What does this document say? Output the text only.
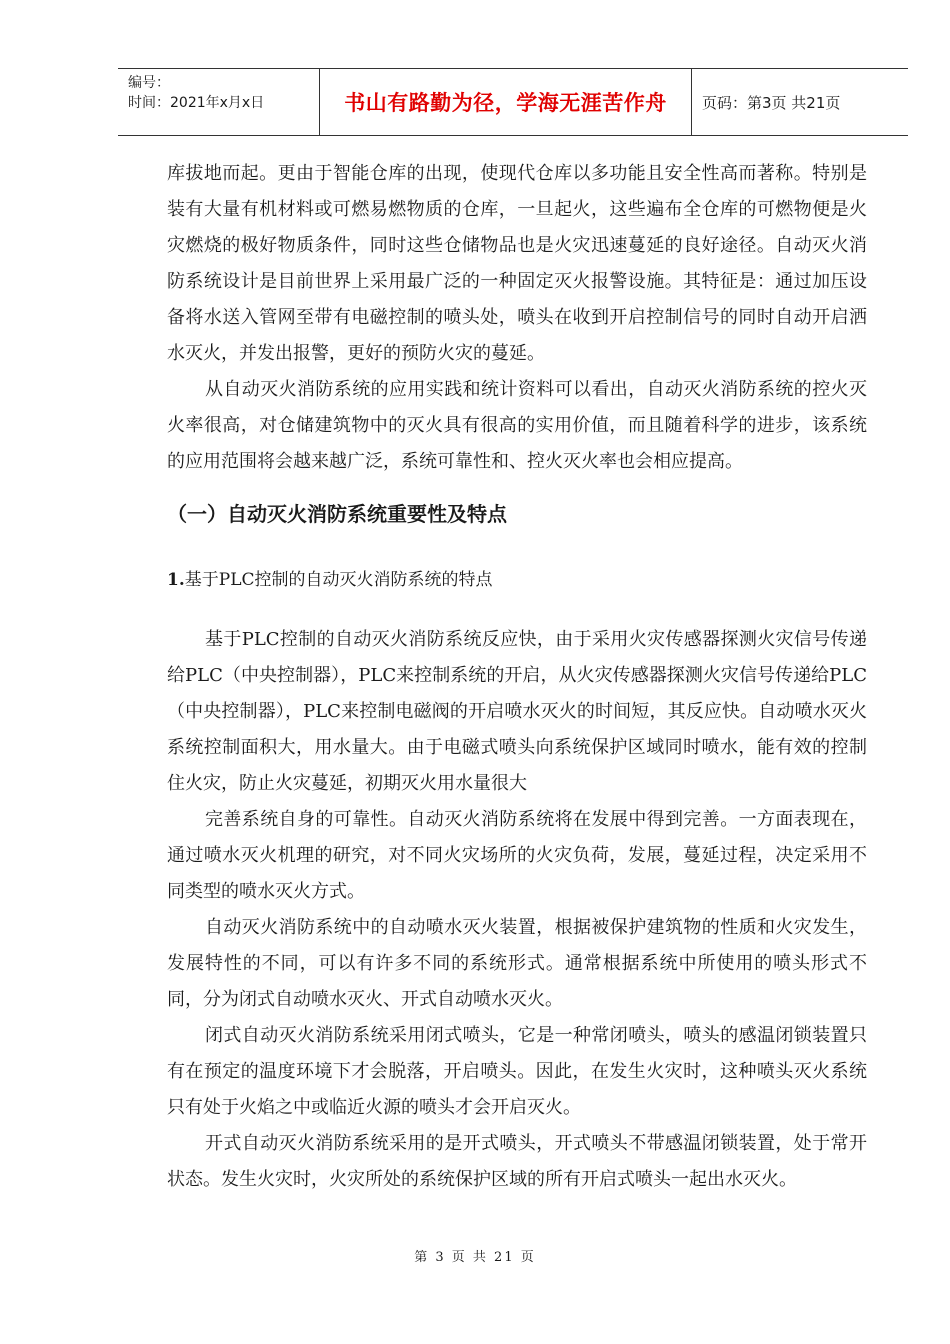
编号：
时间：2021年x月x日	书山有路勤为径，学海无涯苦作舟	页码：第3页 共21页

库拔地而起。更由于智能仓库的出现，使现代仓库以多功能且安全性高而著称。特别是装有大量有机材料或可燃易燃物质的仓库，一旦起火，这些遍布全仓库的可燃物便是火灾燃烧的极好物质条件，同时这些仓储物品也是火灾迅速蔓延的良好途径。自动灭火消防系统设计是目前世界上采用最广泛的一种固定灭火报警设施。其特征是：通过加压设备将水送入管网至带有电磁控制的喷头处，喷头在收到开启控制信号的同时自动开启洒水灭火，并发出报警，更好的预防火灾的蔓延。

从自动灭火消防系统的应用实践和统计资料可以看出，自动灭火消防系统的控火灭火率很高，对仓储建筑物中的灭火具有很高的实用价值，而且随着科学的进步，该系统的应用范围将会越来越广泛，系统可靠性和、控火灭火率也会相应提高。

（一）自动灭火消防系统重要性及特点
1.基于PLC控制的自动灭火消防系统的特点

基于PLC控制的自动灭火消防系统反应快，由于采用火灾传感器探测火灾信号传递给PLC（中央控制器），PLC来控制系统的开启，从火灾传感器探测火灾信号传递给PLC（中央控制器），PLC来控制电磁阀的开启喷水灭火的时间短，其反应快。自动喷水灭火系统控制面积大，用水量大。由于电磁式喷头向系统保护区域同时喷水，能有效的控制住火灾，防止火灾蔓延，初期灭火用水量很大

完善系统自身的可靠性。自动灭火消防系统将在发展中得到完善。一方面表现在，通过喷水灭火机理的研究，对不同火灾场所的火灾负荷，发展，蔓延过程，决定采用不同类型的喷水灭火方式。

自动灭火消防系统中的自动喷水灭火装置，根据被保护建筑物的性质和火灾发生，发展特性的不同，可以有许多不同的系统形式。通常根据系统中所使用的喷头形式不同，分为闭式自动喷水灭火、开式自动喷水灭火。

闭式自动灭火消防系统采用闭式喷头，它是一种常闭喷头，喷头的感温闭锁装置只有在预定的温度环境下才会脱落，开启喷头。因此，在发生火灾时，这种喷头灭火系统只有处于火焰之中或临近火源的喷头才会开启灭火。

开式自动灭火消防系统采用的是开式喷头，开式喷头不带感温闭锁装置，处于常开状态。发生火灾时，火灾所处的系统保护区域的所有开启式喷头一起出水灭火。

第 3 页 共 21 页
